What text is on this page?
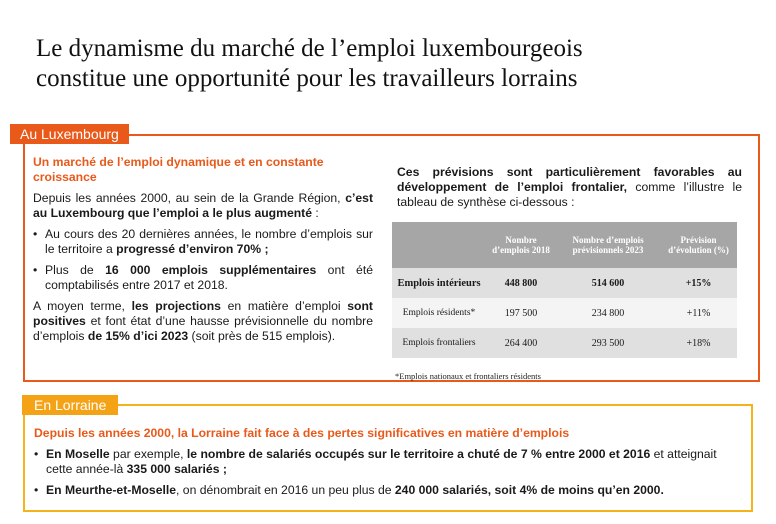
Le dynamisme du marché de l’emploi luxembourgeois
constitue une opportunité pour les travailleurs lorrains
Au Luxembourg

Un marché de l’emploi dynamique et en constante croissance

Depuis les années 2000, au sein de la Grande Région, c’est au Luxembourg que l’emploi a le plus augmenté :

• Au cours des 20 dernières années, le nombre d’emplois sur le territoire a progressé d’environ 70% ;

• Plus de 16 000 emplois supplémentaires ont été comptabilisés entre 2017 et 2018.

A moyen terme, les projections en matière d’emploi sont positives et font état d’une hausse prévisionnelle du nombre d’emplois de 15% d’ici 2023 (soit près de 515 emplois).

Ces prévisions sont particulièrement favorables au développement de l’emploi frontalier, comme l’illustre le tableau de synthèse ci-dessous :
	Nombre d’emplois 2018	Nombre d’emplois prévisionnels 2023	Prévision d’évolution (%)
Emplois intérieurs	448 800	514 600	+15%
Emplois résidents*	197 500	234 800	+11%
Emplois frontaliers	264 400	293 500	+18%
*Emplois nationaux et frontaliers résidents
En Lorraine

Depuis les années 2000, la Lorraine fait face à des pertes significatives en matière d’emplois

• En Moselle par exemple, le nombre de salariés occupés sur le territoire a chuté de 7 % entre 2000 et 2016 et atteignait cette année-là 335 000 salariés ;

• En Meurthe-et-Moselle, on dénombrait en 2016 un peu plus de 240 000 salariés, soit 4% de moins qu’en 2000.
